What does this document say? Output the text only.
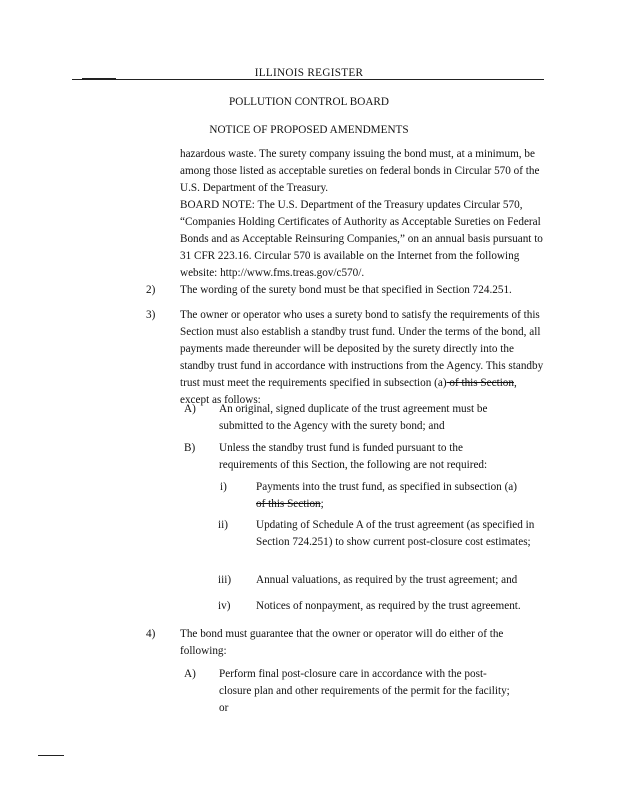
ILLINOIS REGISTER
POLLUTION CONTROL BOARD
NOTICE OF PROPOSED AMENDMENTS
hazardous waste. The surety company issuing the bond must, at a minimum, be among those listed as acceptable sureties on federal bonds in Circular 570 of the U.S. Department of the Treasury.
BOARD NOTE: The U.S. Department of the Treasury updates Circular 570, “Companies Holding Certificates of Authority as Acceptable Sureties on Federal Bonds and as Acceptable Reinsuring Companies,” on an annual basis pursuant to 31 CFR 223.16. Circular 570 is available on the Internet from the following website: http://www.fms.treas.gov/c570/.
2) The wording of the surety bond must be that specified in Section 724.251.
3) The owner or operator who uses a surety bond to satisfy the requirements of this Section must also establish a standby trust fund. Under the terms of the bond, all payments made thereunder will be deposited by the surety directly into the standby trust fund in accordance with instructions from the Agency. This standby trust must meet the requirements specified in subsection (a) of this Section, except as follows:
A) An original, signed duplicate of the trust agreement must be submitted to the Agency with the surety bond; and
B) Unless the standby trust fund is funded pursuant to the requirements of this Section, the following are not required:
i)	Payments into the trust fund, as specified in subsection (a)
of this Section;
ii)	Updating of Schedule A of the trust agreement (as specified in Section 724.251) to show current post-closure cost estimates;
iii) Annual valuations, as required by the trust agreement; and
iv) Notices of nonpayment, as required by the trust agreement.
4) The bond must guarantee that the owner or operator will do either of the following:
A) Perform final post-closure care in accordance with the post-closure plan and other requirements of the permit for the facility; or
